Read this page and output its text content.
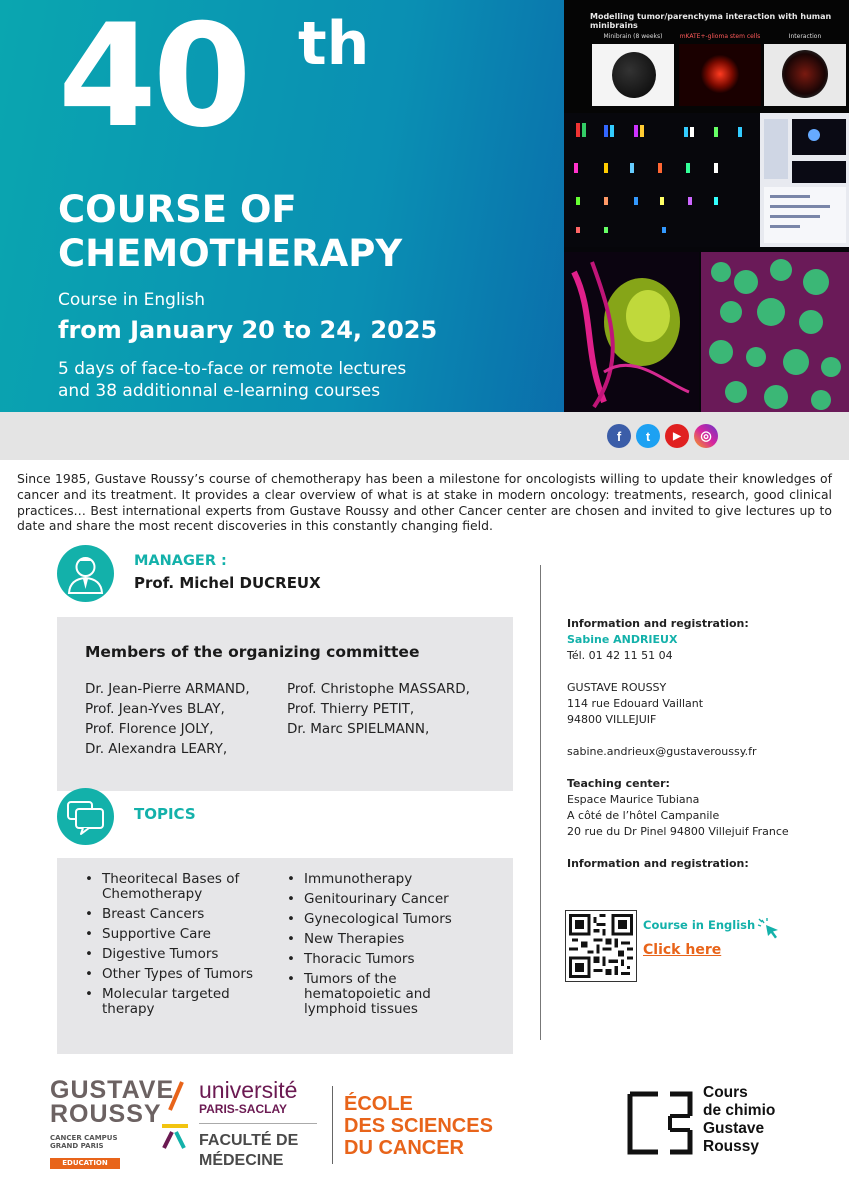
40 th
COURSE OF
CHEMOTHERAPY
Course in English
from January 20 to 24, 2025
5 days of face-to-face or remote lectures
and 38 additionnal e-learning courses
Modelling tumor/parenchyma interaction with human minibrains
Minibrain (8 weeks)	mKATE+-glioma stem cells	Interaction
f	t	▶	◎

Since 1985, Gustave Roussy’s course of chemotherapy has been a milestone for oncologists willing to update their knowledges of cancer and its treatment. It provides a clear overview of what is at stake in modern oncology: treatments, research, good clinical practices… Best international experts from Gustave Roussy and other Cancer center are chosen and invited to give lectures up to date and share the most recent discoveries in this constantly changing field.

MANAGER :
Prof. Michel DUCREUX
Members of the organizing committee
Dr. Jean-Pierre ARMAND,
Prof. Jean-Yves BLAY,
Prof. Florence JOLY,
Dr. Alexandra LEARY,
Prof. Christophe MASSARD,
Prof. Thierry PETIT,
Dr. Marc SPIELMANN,
TOPICS
• Theoritecal Bases of Chemotherapy
• Breast Cancers
• Supportive Care
• Digestive Tumors
• Other Types of Tumors
• Molecular targeted therapy
• Immunotherapy
• Genitourinary Cancer
• Gynecological Tumors
• New Therapies
• Thoracic Tumors
• Tumors of the hematopoietic and lymphoid tissues
Information and registration:
Sabine ANDRIEUX
Tél. 01 42 11 51 04
GUSTAVE ROUSSY
114 rue Edouard Vaillant
94800 VILLEJUIF
sabine.andrieux@gustaveroussy.fr
Teaching center:
Espace Maurice Tubiana
A côté de l’hôtel Campanile
20 rue du Dr Pinel 94800 Villejuif France
Information and registration:
Course in English
Click here
GUSTAVE
ROUSSY
CANCER CAMPUS
GRAND PARIS
EDUCATION
université
PARIS-SACLAY
FACULTÉ DE
MÉDECINE
ÉCOLE
DES SCIENCES
DU CANCER
Cours
de chimio
Gustave
Roussy
